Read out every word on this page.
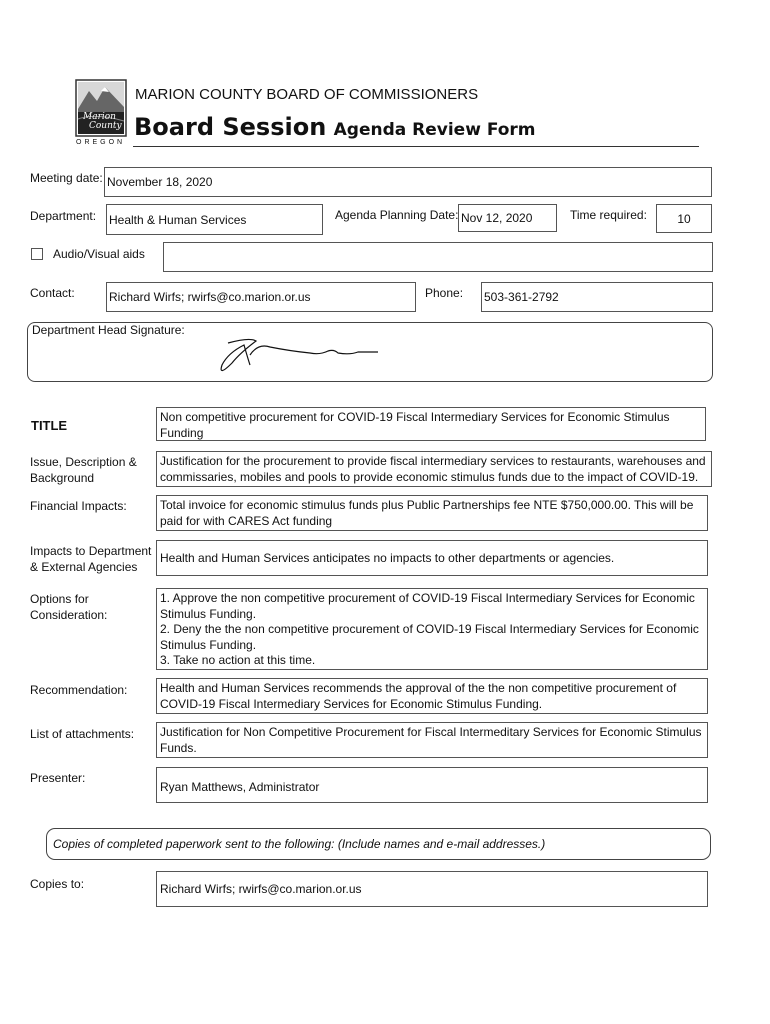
Marion
County
OREGON
MARION COUNTY BOARD OF COMMISSIONERS
Board Session Agenda Review Form
Meeting date: November 18, 2020
Department: Health & Human Services	Agenda Planning Date: Nov 12, 2020	Time required:	10
Audio/Visual aids
Contact:	Richard Wirfs; rwirfs@co.marion.or.us	Phone: 503-361-2792
Department Head Signature:
TITLE
Non competitive procurement for COVID-19 Fiscal Intermediary Services for Economic Stimulus Funding
Issue, Description & Background
Justification for the procurement to provide fiscal intermediary services to restaurants, warehouses and commissaries, mobiles and pools to provide economic stimulus funds due to the impact of COVID-19.
Financial Impacts:	Total invoice for economic stimulus funds plus Public Partnerships fee NTE $750,000.00. This will be paid for with CARES Act funding
Impacts to Department & External Agencies
Health and Human Services anticipates no impacts to other departments or agencies.
Options for Consideration:
1. Approve the non competitive procurement of COVID-19 Fiscal Intermediary Services for Economic Stimulus Funding.
2. Deny the the non competitive procurement of COVID-19 Fiscal Intermediary Services for Economic Stimulus Funding.
3. Take no action at this time.
Recommendation:	Health and Human Services recommends the approval of the the non competitive procurement of COVID-19 Fiscal Intermediary Services for Economic Stimulus Funding.
List of attachments: Justification for Non Competitive Procurement for Fiscal Intermeditary Services for Economic Stimulus Funds.
Presenter:
Ryan Matthews, Administrator
Copies of completed paperwork sent to the following: (Include names and e-mail addresses.)
Copies to:	Richard Wirfs; rwirfs@co.marion.or.us
